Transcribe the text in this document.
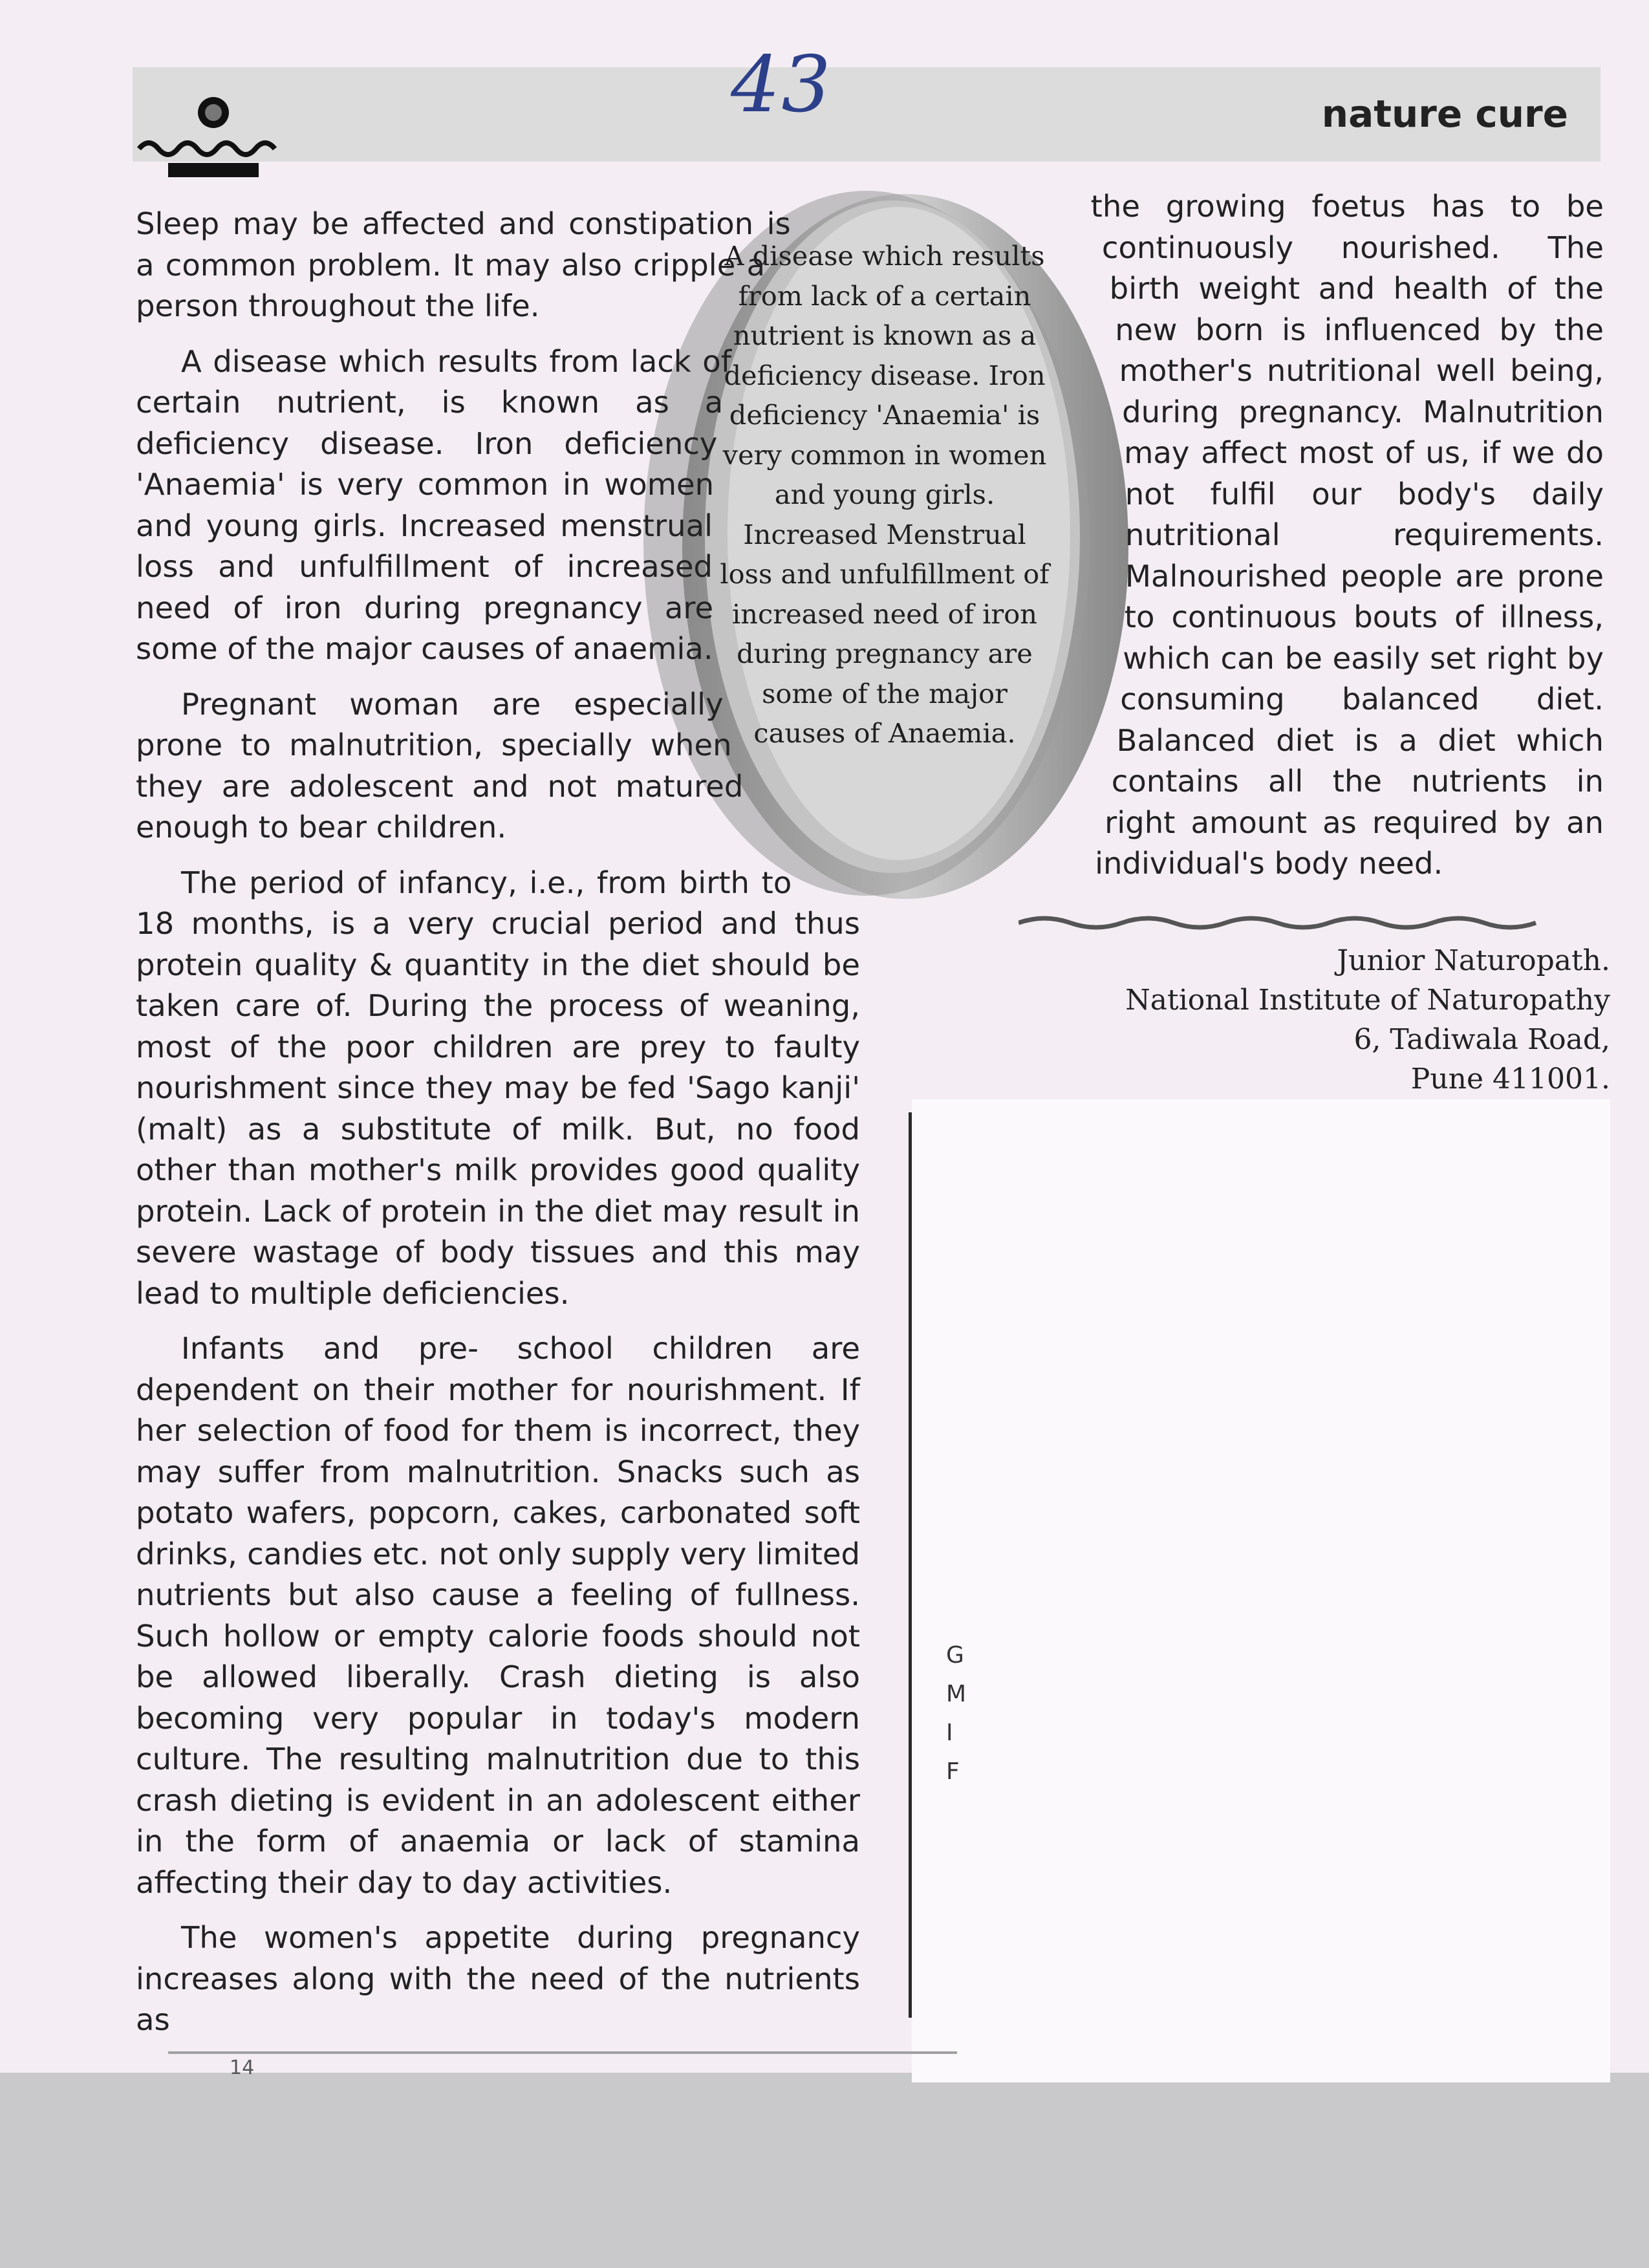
nature cure
43
A disease which results from lack of a certain nutrient is known as a deficiency disease. Iron deficiency 'Anaemia' is very common in women and young girls. Increased Menstrual loss and unfulfillment of increased need of iron during pregnancy are some of the major causes of Anaemia.

Sleep may be affected and constipation is a common problem. It may also cripple a person throughout the life.

A disease which results from lack of certain nutrient, is known as a deficiency disease. Iron deficiency 'Anaemia' is very common in women and young girls. Increased menstrual loss and unfulfillment of increased need of iron during pregnancy are some of the major causes of anaemia.

Pregnant woman are especially prone to malnutrition, specially when they are adolescent and not matured enough to bear children.

The period of infancy, i.e., from birth to 18 months, is a very crucial period and thus protein quality & quantity in the diet should be taken care of. During the process of weaning, most of the poor children are prey to faulty nourishment since they may be fed 'Sago kanji' (malt) as a substitute of milk. But, no food other than mother's milk provides good quality protein. Lack of protein in the diet may result in severe wastage of body tissues and this may lead to multiple deficiencies.

Infants and pre- school children are dependent on their mother for nourishment. If her selection of food for them is incorrect, they may suffer from malnutrition. Snacks such as potato wafers, popcorn, cakes, carbonated soft drinks, candies etc. not only supply very limited nutrients but also cause a feeling of fullness. Such hollow or empty calorie foods should not be allowed liberally. Crash dieting is also becoming very popular in today's modern culture. The resulting malnutrition due to this crash dieting is evident in an adolescent either in the form of anaemia or lack of stamina affecting their day to day activities.

The women's appetite during pregnancy increases along with the need of the nutrients as

the growing foetus has to be continuously nourished. The birth weight and health of the new born is influenced by the mother's nutritional well being, during pregnancy. Malnutrition may affect most of us, if we do not fulfil our body's daily nutritional requirements. Malnourished people are prone to continuous bouts of illness, which can be easily set right by consuming balanced diet. Balanced diet is a diet which contains all the nutrients in right amount as required by an individual's body need.

Junior Naturopath.
National Institute of Naturopathy
6, Tadiwala Road,
Pune 411001.
G
M
I
F
14
